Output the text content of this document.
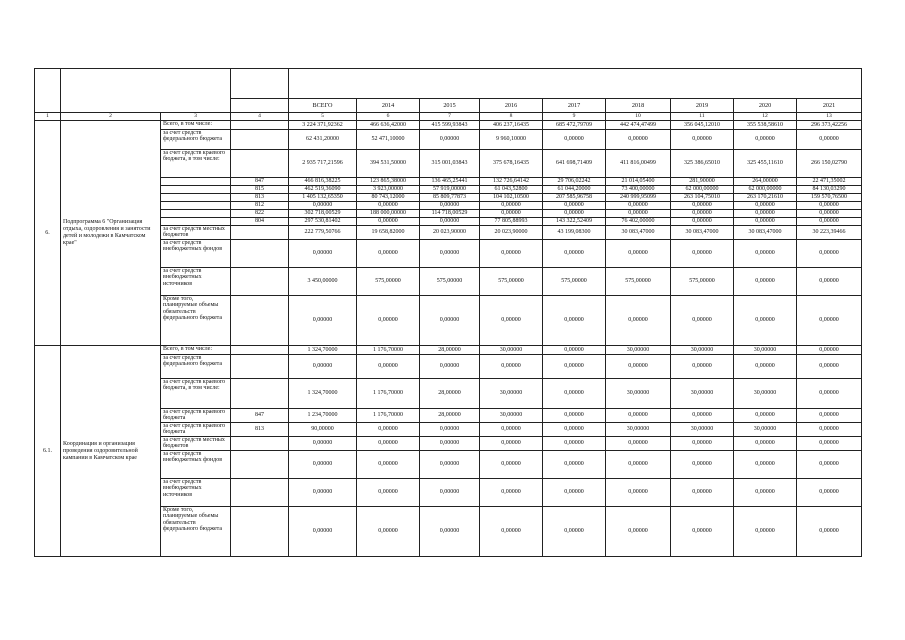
				ВСЕГО	2014	2015	2016	2017	2018	2019	2020	2021
1	2	3	4	5	6	7	8	9	10	11	12	13
6.	Подпрограмма 6 "Организация отдыха, оздоровления и занятости детей и молодежи в Камчатском крае"	Всего, в том числе:		3 224 371,92362	466 636,42000	415 599,93843	406 237,16435	685 472,79709	442 474,47499	356 045,12010	355 538,58610	296 373,42256
		за счет средств федерального бюджета		62 431,20000	52 471,10000	0,00000	9 960,10000	0,00000	0,00000	0,00000	0,00000	0,00000
		за счет средств краевого бюджета, в том числе:		2 935 717,21596	394 531,50000	315 001,03843	375 678,16435	641 698,71409	411 816,00499	325 386,65010	325 455,11610	266 150,02790
			847	466 816,38225	123 865,38000	136 465,25441	132 726,64142	29 706,02242	21 014,05400	281,90000	264,00000	22 471,35002
			815	462 519,36090	3 923,00000	57 919,00000	61 043,52800	61 044,20000	73 400,00000	62 000,00000	62 000,00000	84 130,03290
			813	1 405 132,65350	80 743,12000	85 809,77873	104 102,10500	207 585,96758	240 999,95099	263 104,75010	263 170,21610	159 570,76500
			812	0,00000	0,00000	0,00000	0,00000	0,00000	0,00000	0,00000	0,00000	0,00000
			822	302 718,00529	188 000,00000	114 718,00529	0,00000	0,00000	0,00000	0,00000	0,00000	0,00000
			804	297 530,81402	0,00000	0,00000	77 805,88993	143 322,52409	76 402,00000	0,00000	0,00000	0,00000
		за счет средств местных бюджетов		222 779,50766	19 658,82000	20 023,90000	20 023,90000	43 199,08300	30 083,47000	30 083,47000	30 083,47000	30 223,39466
		за счет средств внебюджетных фондов		0,00000	0,00000	0,00000	0,00000	0,00000	0,00000	0,00000	0,00000	0,00000
		за счет средств внебюджетных источников		3 450,00000	575,00000	575,00000	575,00000	575,00000	575,00000	575,00000	0,00000	0,00000
		Кроме того, планируемые объемы обязательств федерального бюджета		0,00000	0,00000	0,00000	0,00000	0,00000	0,00000	0,00000	0,00000	0,00000
6.1.	Координация и организация проведения оздоровительной кампании в Камчатском крае	Всего, в том числе:		1 324,70000	1 176,70000	28,00000	30,00000	0,00000	30,00000	30,00000	30,00000	0,00000
		за счет средств федерального бюджета		0,00000	0,00000	0,00000	0,00000	0,00000	0,00000	0,00000	0,00000	0,00000
		за счет средств краевого бюджета, в том числе:		1 324,70000	1 176,70000	28,00000	30,00000	0,00000	30,00000	30,00000	30,00000	0,00000
		за счет средств краевого бюджета	847	1 234,70000	1 176,70000	28,00000	30,00000	0,00000	0,00000	0,00000	0,00000	0,00000
		за счет средств краевого бюджета	813	90,00000	0,00000	0,00000	0,00000	0,00000	30,00000	30,00000	30,00000	0,00000
		за счет средств местных бюджетов		0,00000	0,00000	0,00000	0,00000	0,00000	0,00000	0,00000	0,00000	0,00000
		за счет средств внебюджетных фондов		0,00000	0,00000	0,00000	0,00000	0,00000	0,00000	0,00000	0,00000	0,00000
		за счет средств внебюджетных источников		0,00000	0,00000	0,00000	0,00000	0,00000	0,00000	0,00000	0,00000	0,00000
		Кроме того, планируемые объемы обязательств федерального бюджета		0,00000	0,00000	0,00000	0,00000	0,00000	0,00000	0,00000	0,00000	0,00000
